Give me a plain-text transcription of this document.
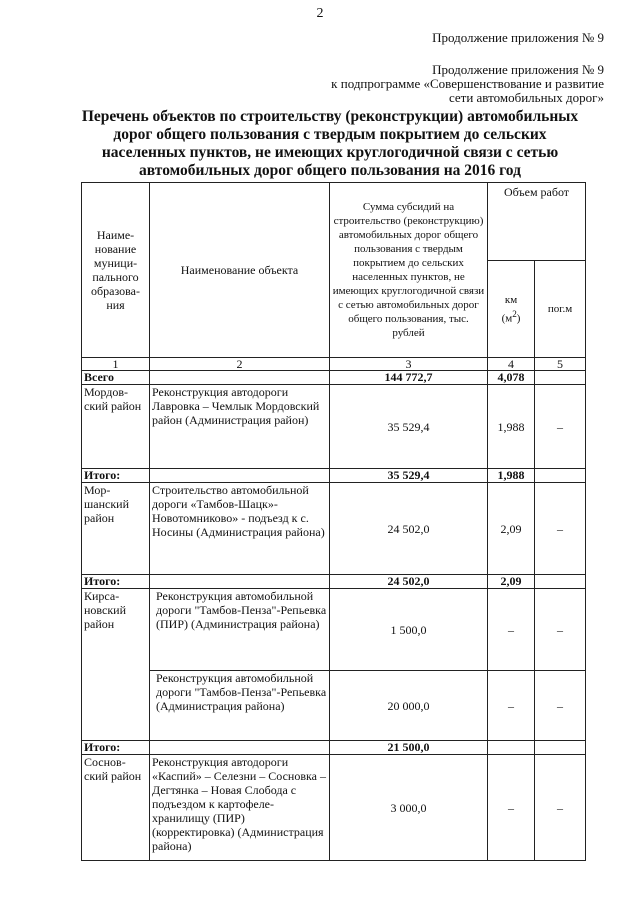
2
Продолжение приложения № 9
Продолжение приложения № 9
к подпрограмме «Совершенствование и развитие
сети автомобильных дорог»
Перечень объектов по строительству (реконструкции) автомобильных
дорог общего пользования с твердым покрытием до сельских
населенных пунктов, не имеющих круглогодичной связи с сетью
автомобильных дорог общего пользования на 2016 год
Наиме-нование муници-пального образова-ния	Наименование объекта	Сумма субсидий на строительство (реконструкцию) автомобильных дорог общего пользования с твердым покрытием до сельских населенных пунктов, не имеющих круглогодичной связи с сетью автомобильных дорог общего пользования, тыс. рублей	Объем работ	
			км
$(м^2)$	пог.м
1	2	3	4	5
Всего		144 772,7	4,078	
Мордов-ский район	Реконструкция автодороги Лавровка – Чемлык Мордовский район (Администрация район)	35 529,4	1,988	–
Итого:		35 529,4	1,988	
Мор-шанский район	Строительство автомобильной дороги «Тамбов-Шацк»-Новотомниково» - подъезд к с. Носины (Администрация района)	24 502,0	2,09	–
Итого:		24 502,0	2,09	
Кирса-новский район	Реконструкция автомобильной дороги "Тамбов-Пенза"-Репьевка (ПИР) (Администрация района)	1 500,0	–	–
	Реконструкция автомобильной дороги "Тамбов-Пенза"-Репьевка (Администрация района)	20 000,0	–	–
Итого:		21 500,0		
Соснов-ский район	Реконструкция автодороги «Каспий» – Селезни – Сосновка – Дегтянка – Новая Слобода с подъездом к картофеле-хранилищу (ПИР) (корректировка) (Администрация района)	3 000,0	–	–
